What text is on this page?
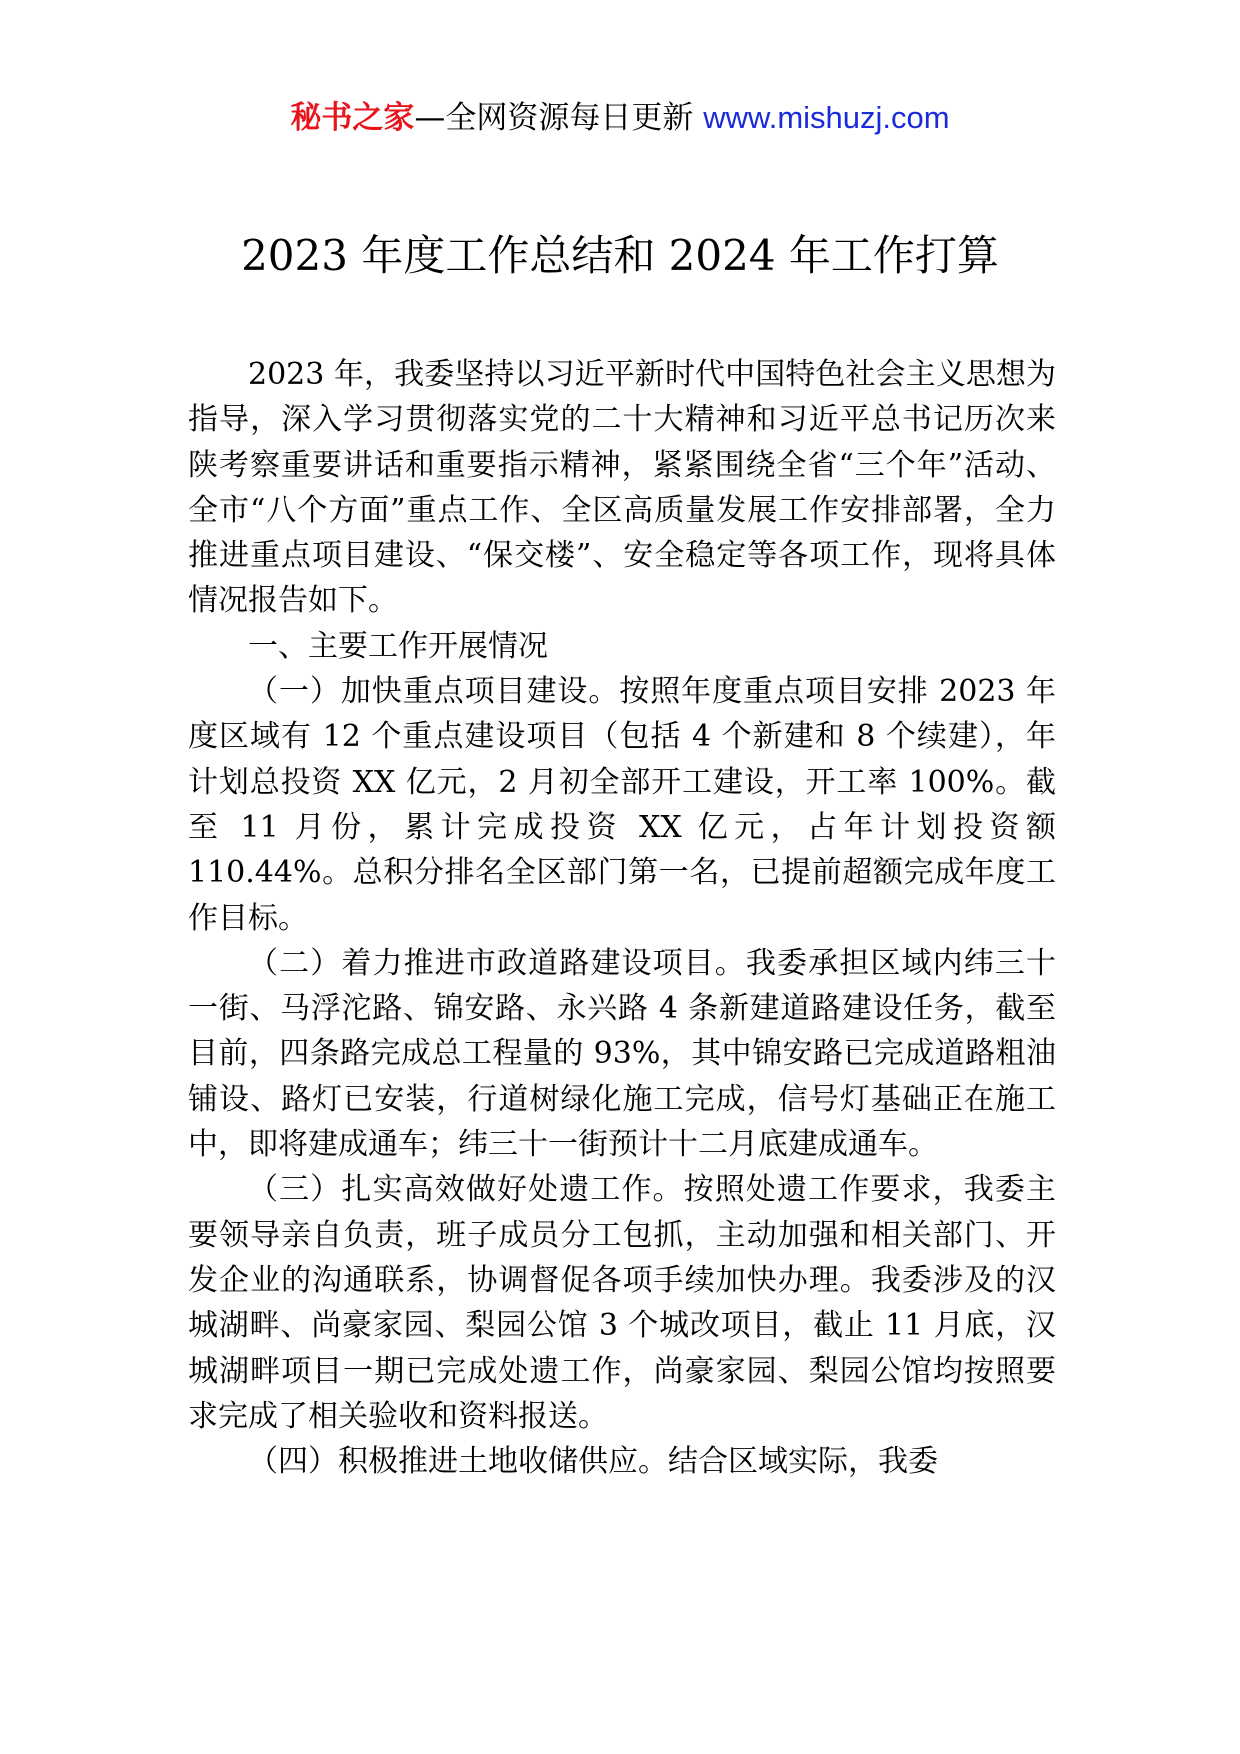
秘书之家—全网资源每日更新 www.mishuzj.com
2023 年度工作总结和 2024 年工作打算

2023 年，我委坚持以习近平新时代中国特色社会主义思想为指导，深入学习贯彻落实党的二十大精神和习近平总书记历次来陕考察重要讲话和重要指示精神，紧紧围绕全省“三个年”活动、全市“八个方面”重点工作、全区高质量发展工作安排部署，全力推进重点项目建设、“保交楼”、安全稳定等各项工作，现将具体情况报告如下。

一、主要工作开展情况

（一）加快重点项目建设。按照年度重点项目安排 2023 年度区域有 12 个重点建设项目（包括 4 个新建和 8 个续建），年计划总投资 XX 亿元，2 月初全部开工建设，开工率 100%。截至 11 月份，累计完成投资 XX 亿元，占年计划投资额 110.44%。总积分排名全区部门第一名，已提前超额完成年度工作目标。

（二）着力推进市政道路建设项目。我委承担区域内纬三十一街、马浮沱路、锦安路、永兴路 4 条新建道路建设任务，截至目前，四条路完成总工程量的 93%，其中锦安路已完成道路粗油铺设、路灯已安装，行道树绿化施工完成，信号灯基础正在施工中，即将建成通车；纬三十一街预计十二月底建成通车。

（三）扎实高效做好处遗工作。按照处遗工作要求，我委主要领导亲自负责，班子成员分工包抓，主动加强和相关部门、开发企业的沟通联系，协调督促各项手续加快办理。我委涉及的汉城湖畔、尚豪家园、梨园公馆 3 个城改项目，截止 11 月底，汉城湖畔项目一期已完成处遗工作，尚豪家园、梨园公馆均按照要求完成了相关验收和资料报送。

（四）积极推进土地收储供应。结合区域实际，我委
